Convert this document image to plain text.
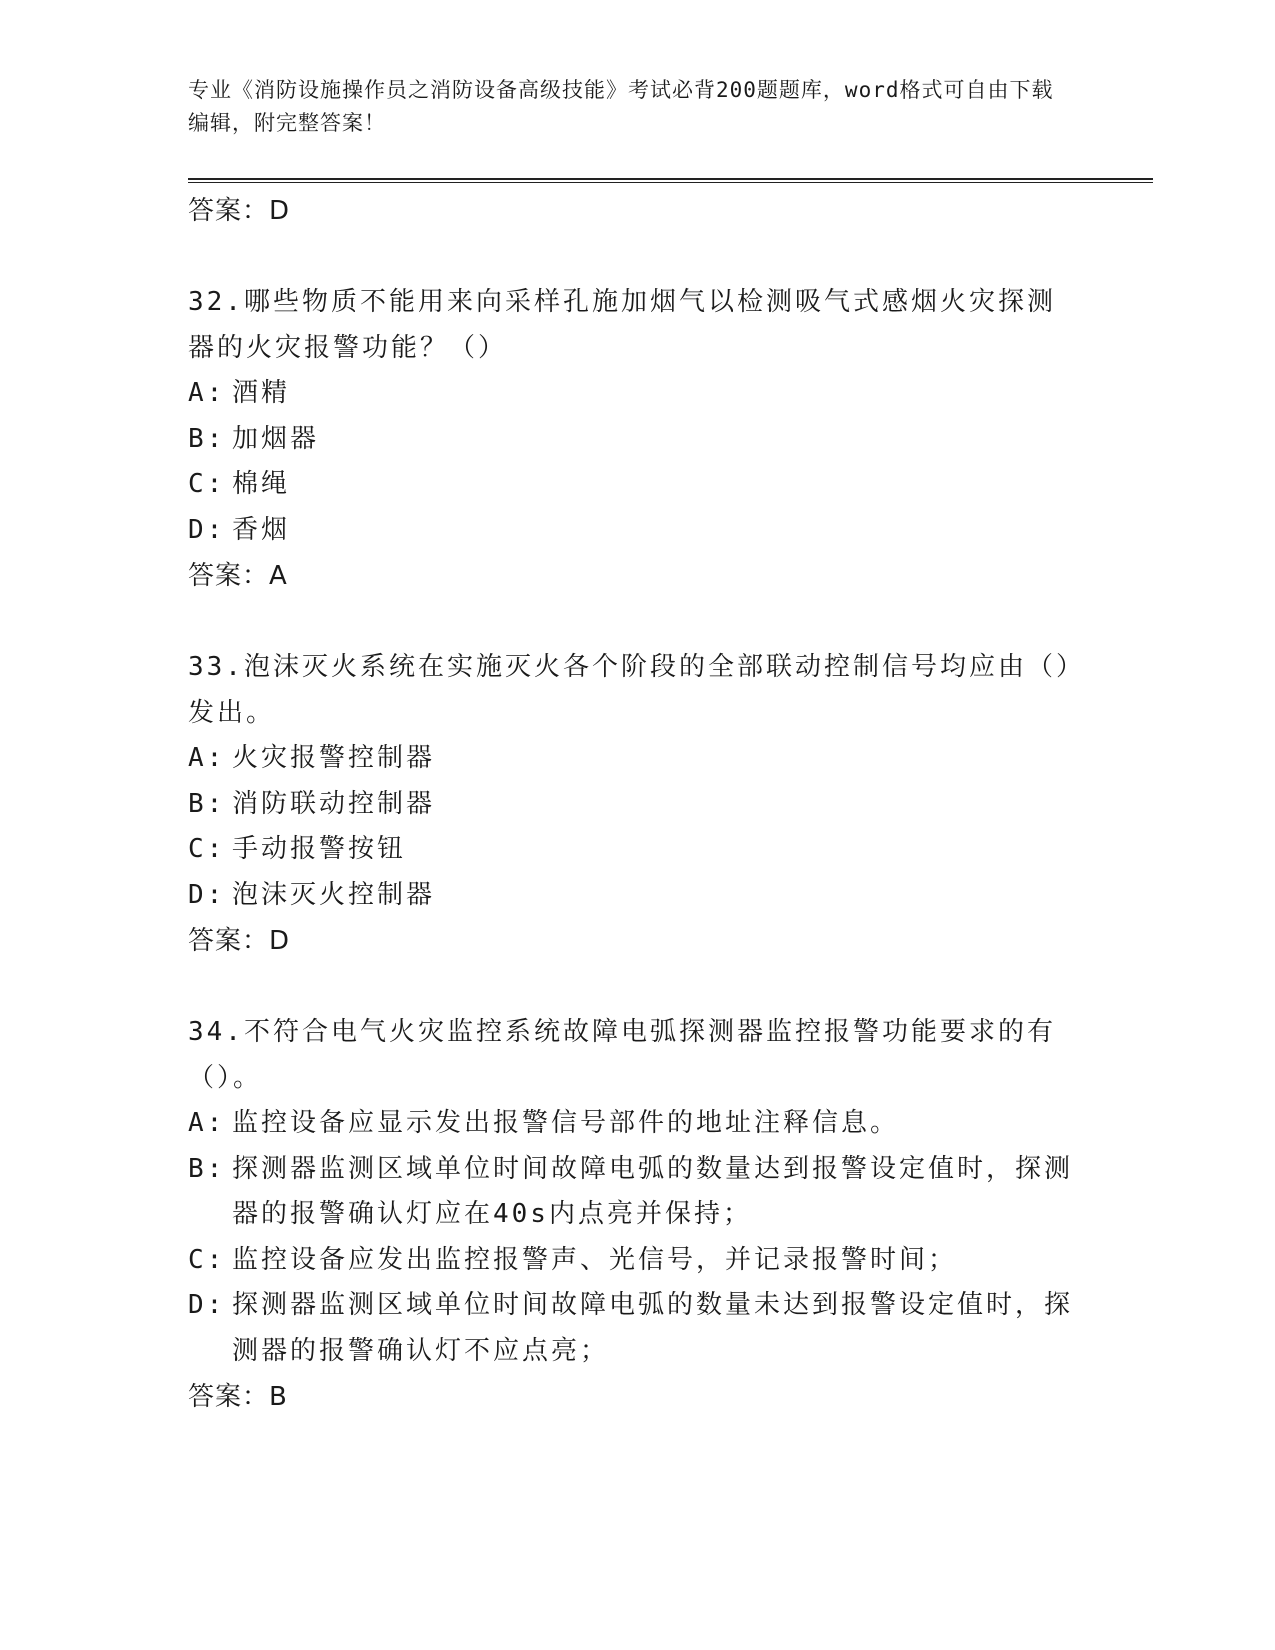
专业《消防设施操作员之消防设备高级技能》考试必背200题题库，word格式可自由下载编辑，附完整答案！
答案：D
32.哪些物质不能用来向采样孔施加烟气以检测吸气式感烟火灾探测器的火灾报警功能？（）
A: 酒精
B: 加烟器
C: 棉绳
D: 香烟
答案：A
33.泡沫灭火系统在实施灭火各个阶段的全部联动控制信号均应由（）发出。
A: 火灾报警控制器
B: 消防联动控制器
C: 手动报警按钮
D: 泡沫灭火控制器
答案：D
34.不符合电气火灾监控系统故障电弧探测器监控报警功能要求的有（）。
A: 监控设备应显示发出报警信号部件的地址注释信息。
B: 探测器监测区域单位时间故障电弧的数量达到报警设定值时，探测器的报警确认灯应在40s内点亮并保持；
C: 监控设备应发出监控报警声、光信号，并记录报警时间；
D: 探测器监测区域单位时间故障电弧的数量未达到报警设定值时，探测器的报警确认灯不应点亮；
答案：B
